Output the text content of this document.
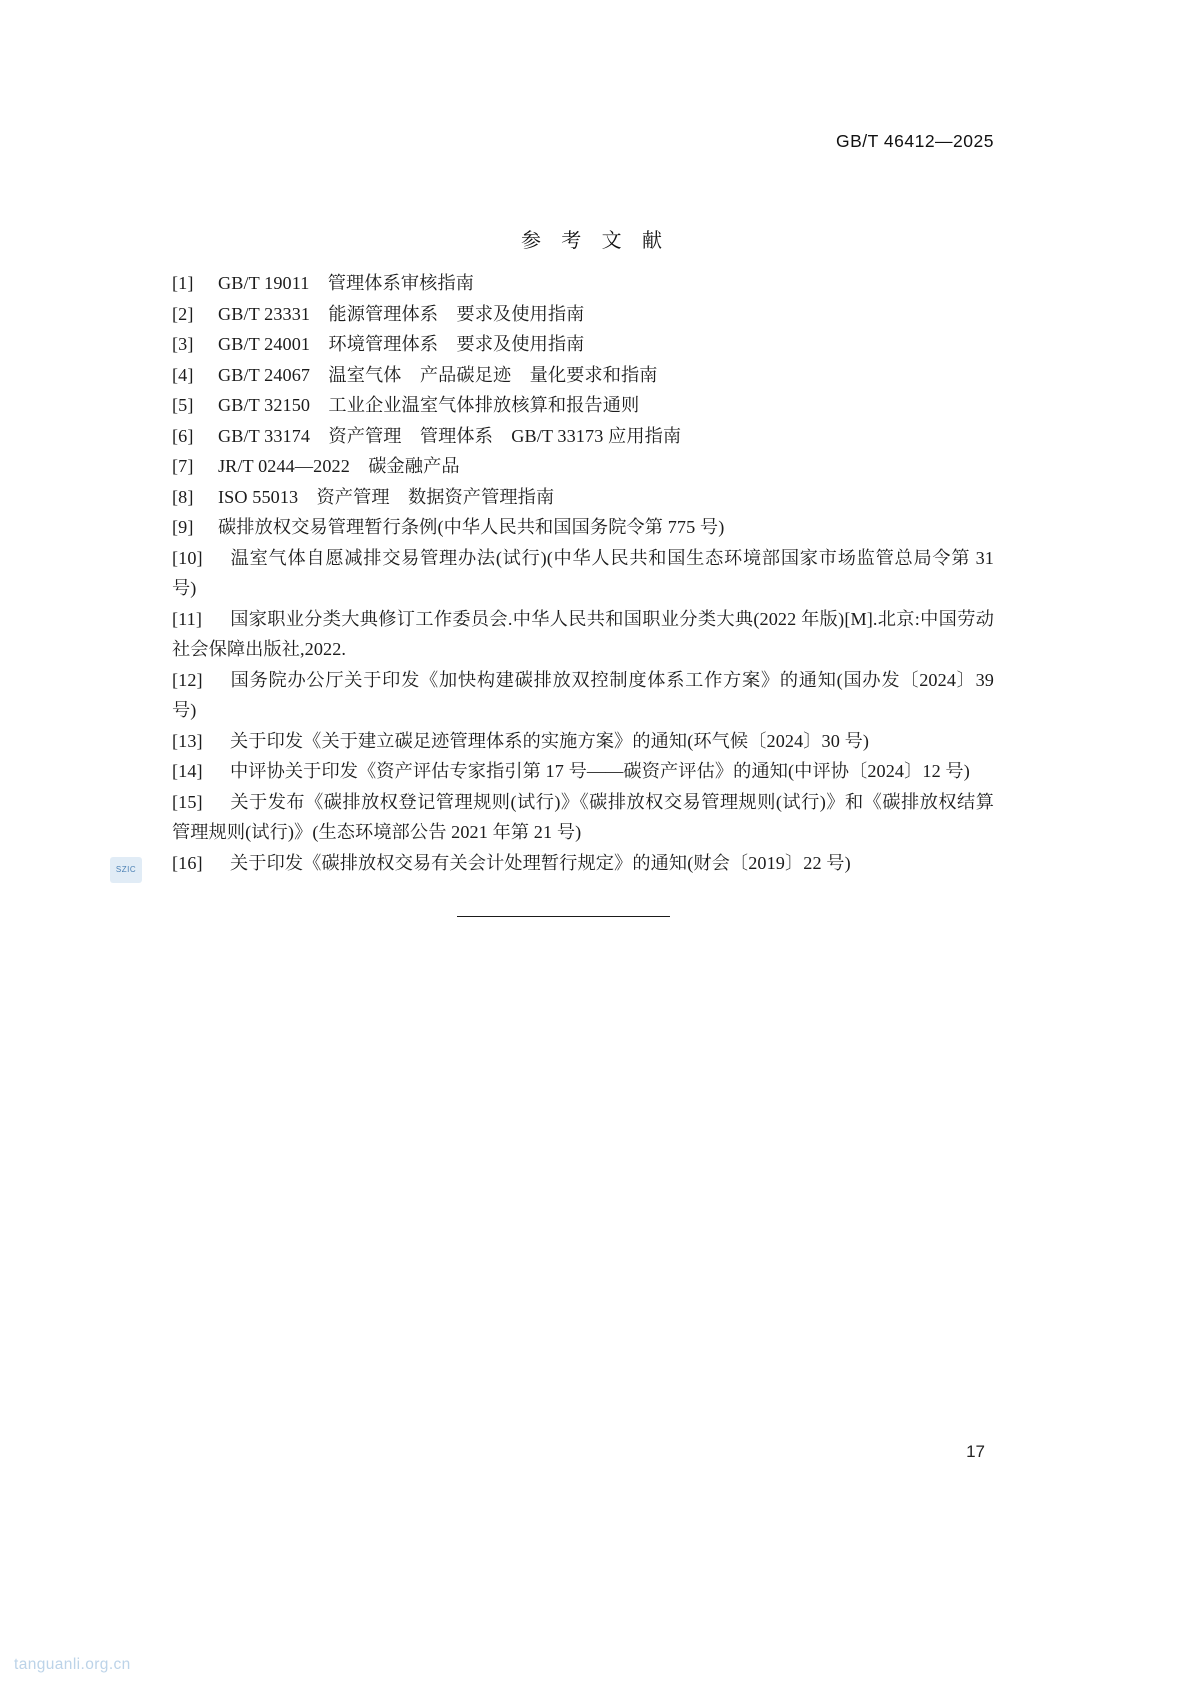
GB/T 46412—2025
参 考 文 献

[1] GB/T 19011 管理体系审核指南

[2] GB/T 23331 能源管理体系 要求及使用指南

[3] GB/T 24001 环境管理体系 要求及使用指南

[4] GB/T 24067 温室气体 产品碳足迹 量化要求和指南

[5] GB/T 32150 工业企业温室气体排放核算和报告通则

[6] GB/T 33174 资产管理 管理体系 GB/T 33173 应用指南

[7] JR/T 0244—2022 碳金融产品

[8] ISO 55013 资产管理 数据资产管理指南

[9] 碳排放权交易管理暂行条例(中华人民共和国国务院令第 775 号)

[10] 温室气体自愿减排交易管理办法(试行)(中华人民共和国生态环境部国家市场监管总局令第 31 号)

[11] 国家职业分类大典修订工作委员会.中华人民共和国职业分类大典(2022 年版)[M].北京:中国劳动社会保障出版社,2022.

[12] 国务院办公厅关于印发《加快构建碳排放双控制度体系工作方案》的通知(国办发〔2024〕39 号)

[13] 关于印发《关于建立碳足迹管理体系的实施方案》的通知(环气候〔2024〕30 号)

[14] 中评协关于印发《资产评估专家指引第 17 号——碳资产评估》的通知(中评协〔2024〕12 号)

[15] 关于发布《碳排放权登记管理规则(试行)》《碳排放权交易管理规则(试行)》和《碳排放权结算管理规则(试行)》(生态环境部公告 2021 年第 21 号)

[16] 关于印发《碳排放权交易有关会计处理暂行规定》的通知(财会〔2019〕22 号)

SZIC
17
tanguanli.org.cn
